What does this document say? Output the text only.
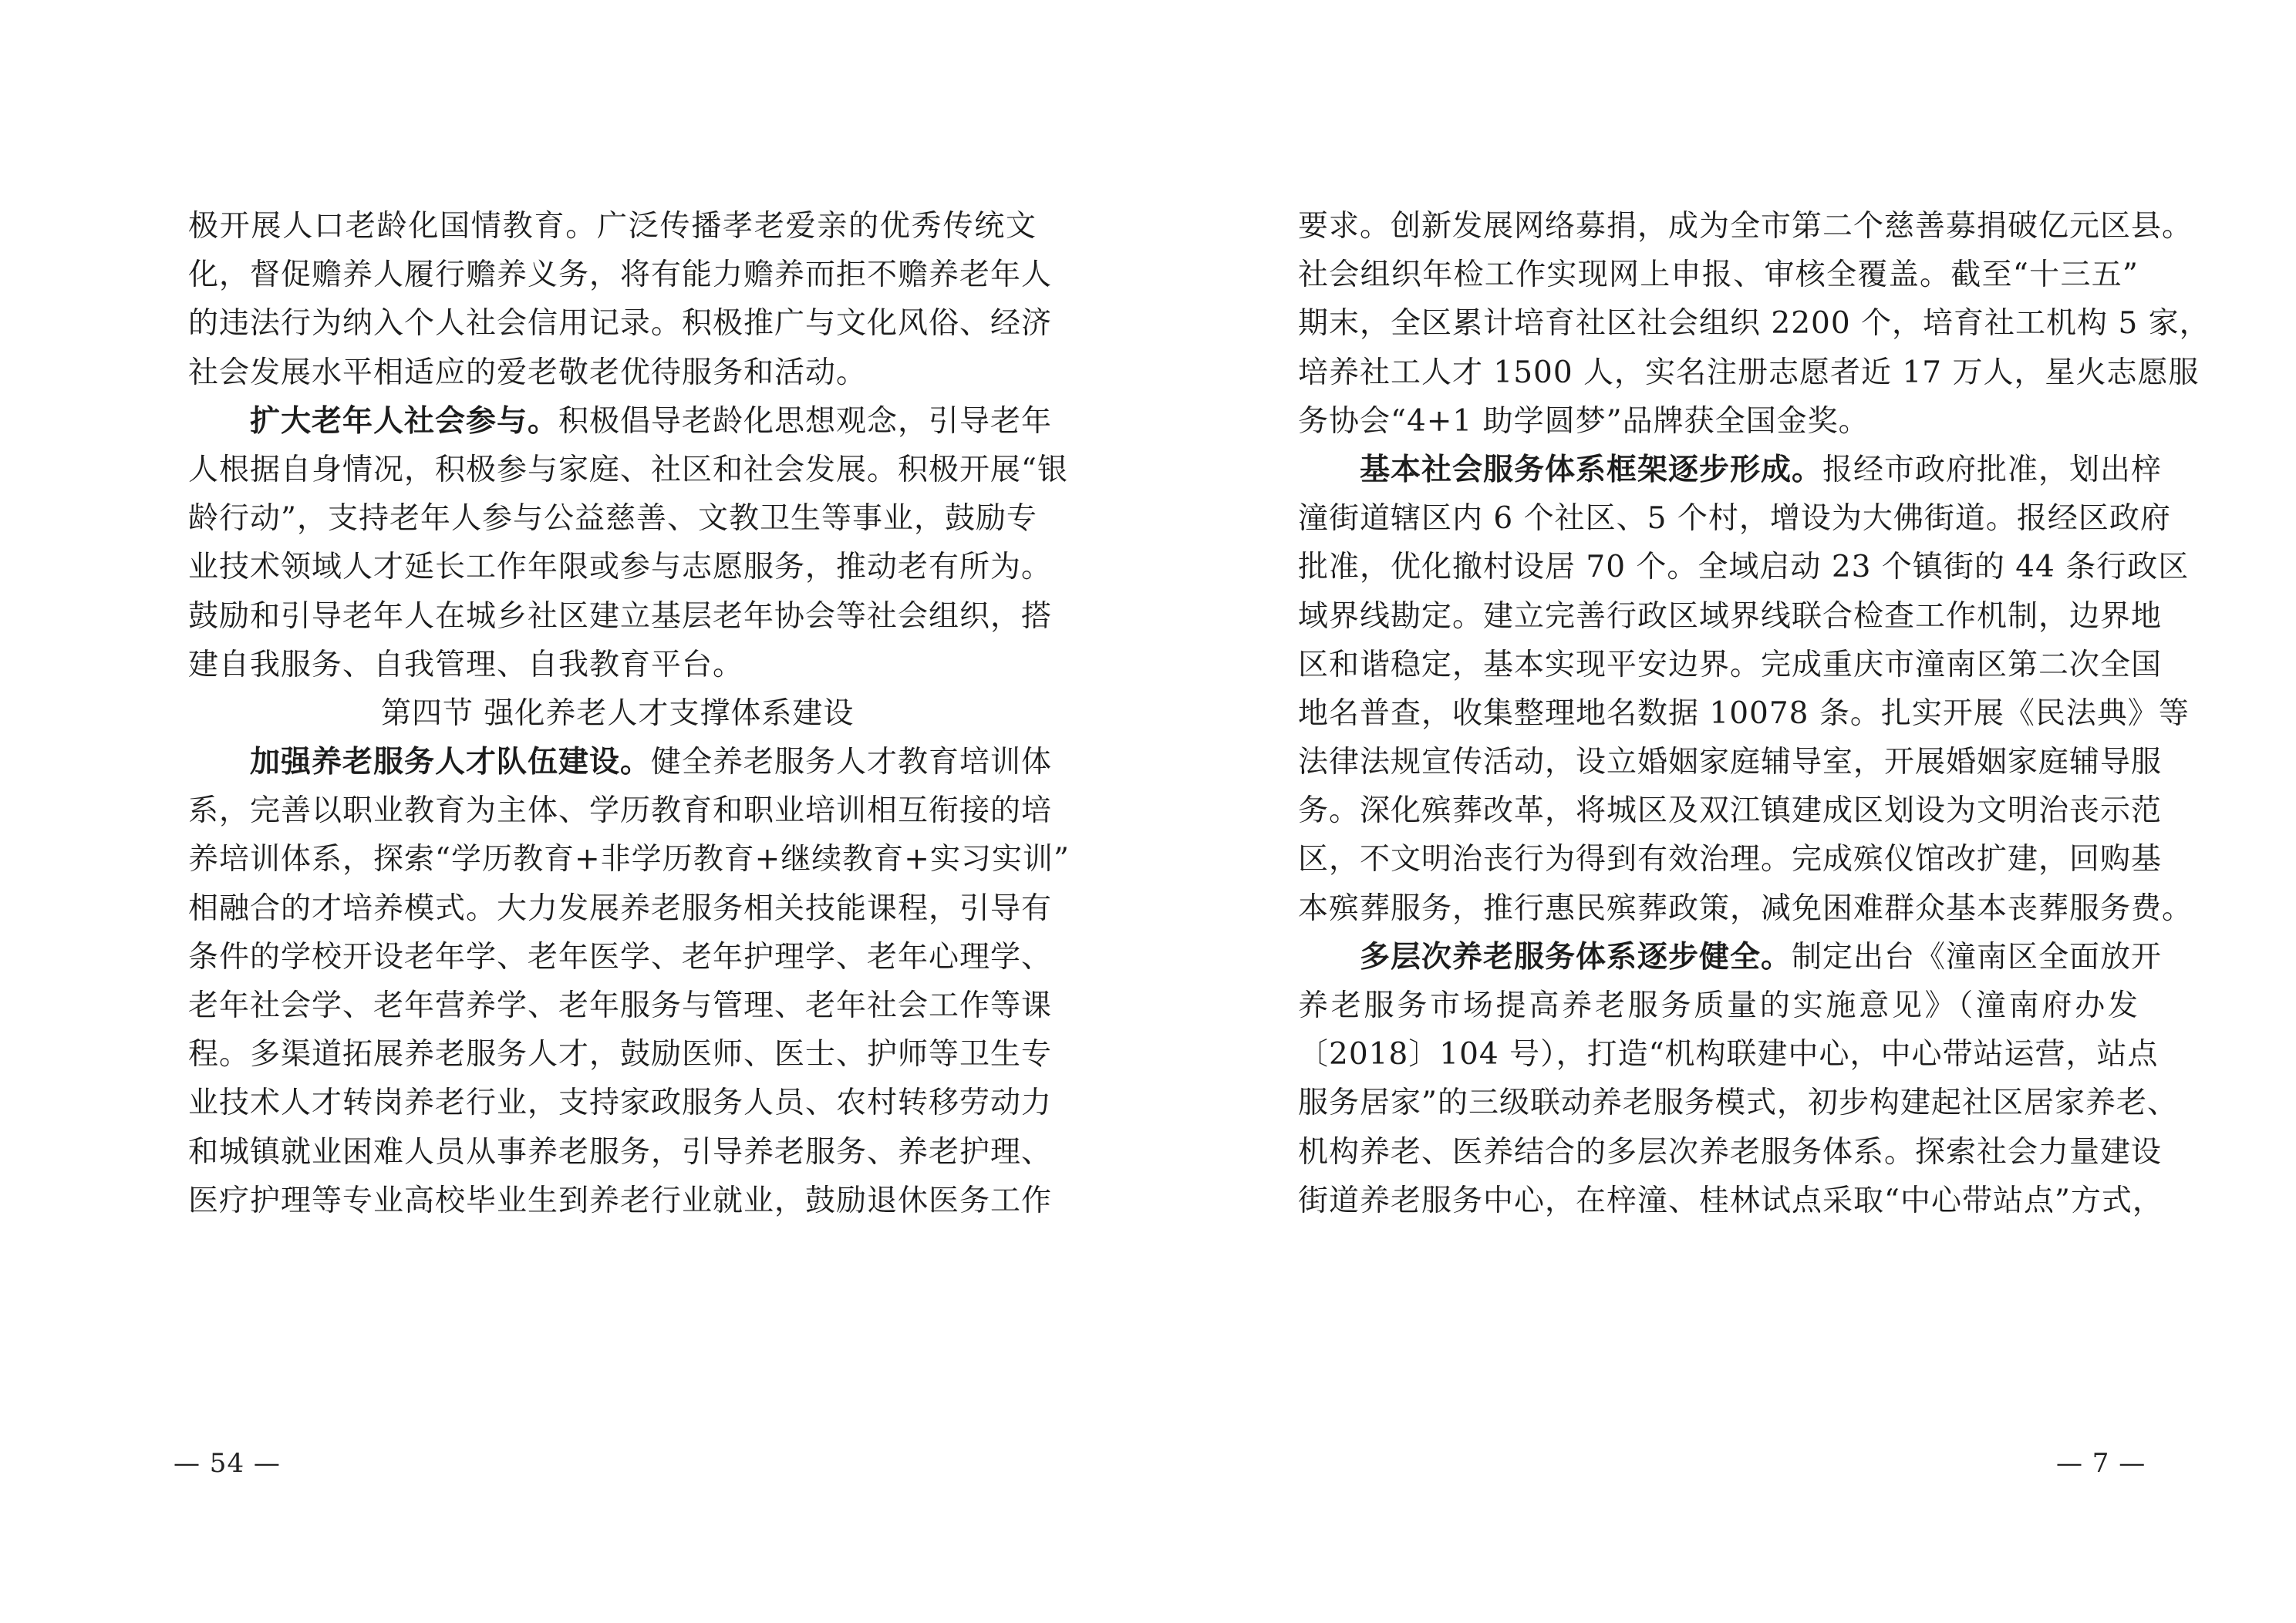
极开展人口老龄化国情教育。广泛传播孝老爱亲的优秀传统文
化，督促赡养人履行赡养义务，将有能力赡养而拒不赡养老年人
的违法行为纳入个人社会信用记录。积极推广与文化风俗、经济
社会发展水平相适应的爱老敬老优待服务和活动。
　　扩大老年人社会参与。积极倡导老龄化思想观念，引导老年
人根据自身情况，积极参与家庭、社区和社会发展。积极开展“银
龄行动”，支持老年人参与公益慈善、文教卫生等事业，鼓励专
业技术领域人才延长工作年限或参与志愿服务，推动老有所为。
鼓励和引导老年人在城乡社区建立基层老年协会等社会组织，搭
建自我服务、自我管理、自我教育平台。
第四节 强化养老人才支撑体系建设
　　加强养老服务人才队伍建设。健全养老服务人才教育培训体
系，完善以职业教育为主体、学历教育和职业培训相互衔接的培
养培训体系，探索“学历教育+非学历教育+继续教育+实习实训”
相融合的才培养模式。大力发展养老服务相关技能课程，引导有
条件的学校开设老年学、老年医学、老年护理学、老年心理学、
老年社会学、老年营养学、老年服务与管理、老年社会工作等课
程。多渠道拓展养老服务人才，鼓励医师、医士、护师等卫生专
业技术人才转岗养老行业，支持家政服务人员、农村转移劳动力
和城镇就业困难人员从事养老服务，引导养老服务、养老护理、
医疗护理等专业高校毕业生到养老行业就业，鼓励退休医务工作
— 54 —
要求。创新发展网络募捐，成为全市第二个慈善募捐破亿元区县。
社会组织年检工作实现网上申报、审核全覆盖。截至“十三五”
期末，全区累计培育社区社会组织 2200 个，培育社工机构 5 家，
培养社工人才 1500 人，实名注册志愿者近 17 万人，星火志愿服
务协会“4+1 助学圆梦”品牌获全国金奖。
　　基本社会服务体系框架逐步形成。报经市政府批准，划出梓
潼街道辖区内 6 个社区、5 个村，增设为大佛街道。报经区政府
批准，优化撤村设居 70 个。全域启动 23 个镇街的 44 条行政区
域界线勘定。建立完善行政区域界线联合检查工作机制，边界地
区和谐稳定，基本实现平安边界。完成重庆市潼南区第二次全国
地名普查，收集整理地名数据 10078 条。扎实开展《民法典》等
法律法规宣传活动，设立婚姻家庭辅导室，开展婚姻家庭辅导服
务。深化殡葬改革，将城区及双江镇建成区划设为文明治丧示范
区，不文明治丧行为得到有效治理。完成殡仪馆改扩建，回购基
本殡葬服务，推行惠民殡葬政策，减免困难群众基本丧葬服务费。
　　多层次养老服务体系逐步健全。制定出台《潼南区全面放开
养老服务市场提高养老服务质量的实施意见》（潼南府办发
〔2018〕104 号），打造“机构联建中心，中心带站运营，站点
服务居家”的三级联动养老服务模式，初步构建起社区居家养老、
机构养老、医养结合的多层次养老服务体系。探索社会力量建设
街道养老服务中心，在梓潼、桂林试点采取“中心带站点”方式，
— 7 —
